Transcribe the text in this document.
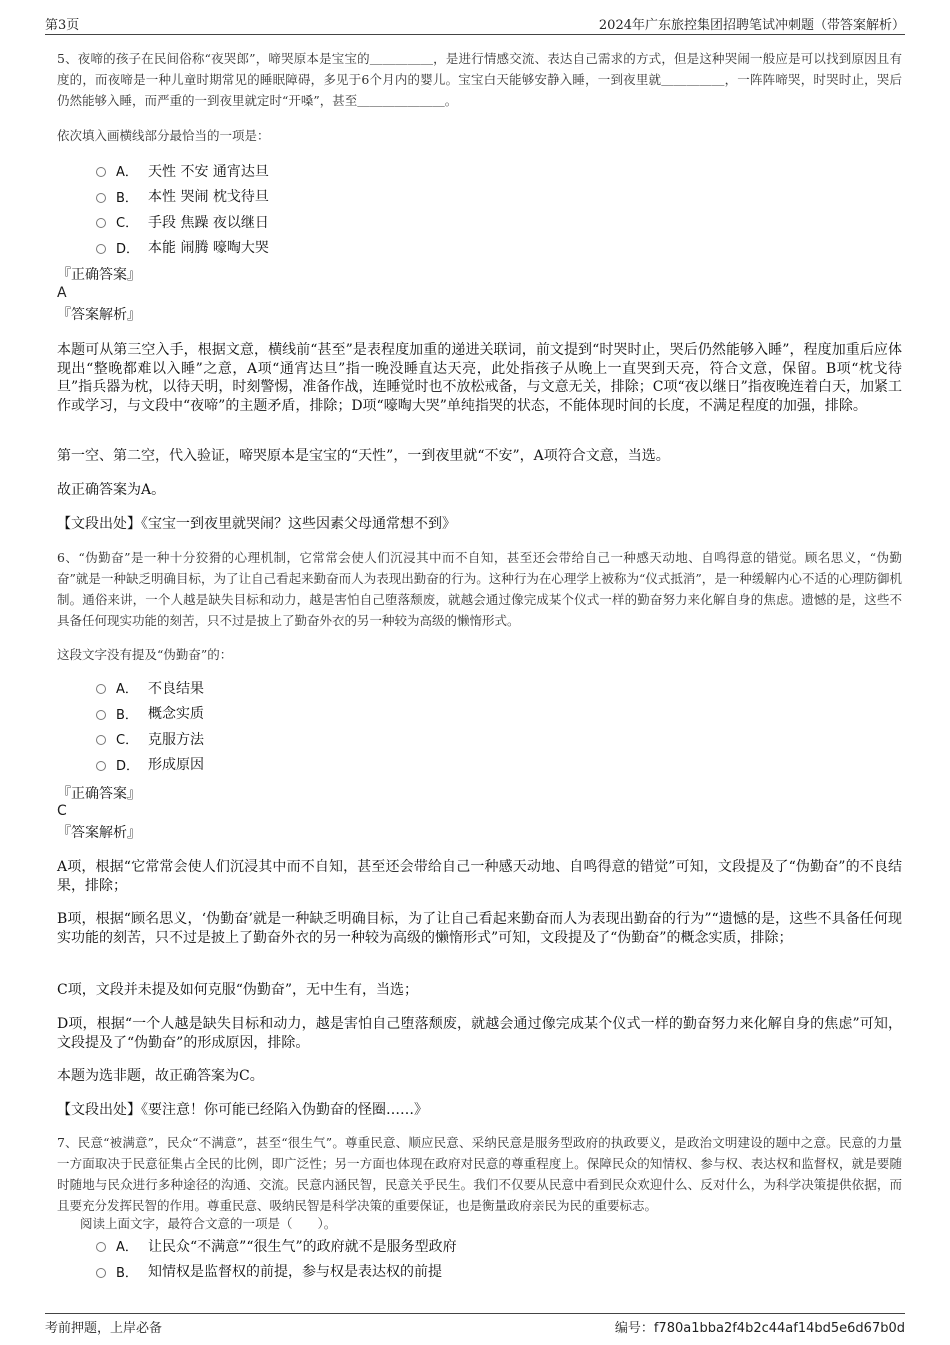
第3页	2024年广东旅控集团招聘笔试冲刺题（带答案解析）
5、夜啼的孩子在民间俗称“夜哭郎”，啼哭原本是宝宝的＿＿＿＿＿，是进行情感交流、表达自己需求的方式，但是这种哭闹一般应是可以找到原因且有度的，而夜啼是一种儿童时期常见的睡眠障碍，多见于6个月内的婴儿。宝宝白天能够安静入睡，一到夜里就＿＿＿＿＿，一阵阵啼哭，时哭时止，哭后仍然能够入睡，而严重的一到夜里就定时“开嗓”，甚至＿＿＿＿＿＿＿。
依次填入画横线部分最恰当的一项是：
A． 天性 不安 通宵达旦
B． 本性 哭闹 枕戈待旦
C． 手段 焦躁 夜以继日
D． 本能 闹腾 嚎啕大哭
『正确答案』
A
『答案解析』
本题可从第三空入手，根据文意，横线前“甚至”是表程度加重的递进关联词，前文提到“时哭时止，哭后仍然能够入睡”，程度加重后应体现出“整晚都难以入睡”之意，A项“通宵达旦”指一晚没睡直达天亮，此处指孩子从晚上一直哭到天亮，符合文意，保留。B项“枕戈待旦”指兵器为枕，以待天明，时刻警惕，准备作战，连睡觉时也不放松戒备，与文意无关，排除；C项“夜以继日”指夜晚连着白天，加紧工作或学习，与文段中“夜啼”的主题矛盾，排除；D项“嚎啕大哭”单纯指哭的状态，不能体现时间的长度，不满足程度的加强，排除。
第一空、第二空，代入验证，啼哭原本是宝宝的“天性”，一到夜里就“不安”，A项符合文意，当选。
故正确答案为A。
【文段出处】《宝宝一到夜里就哭闹？这些因素父母通常想不到》
6、“伪勤奋”是一种十分狡猾的心理机制，它常常会使人们沉浸其中而不自知，甚至还会带给自己一种感天动地、自鸣得意的错觉。顾名思义，“伪勤奋”就是一种缺乏明确目标，为了让自己看起来勤奋而人为表现出勤奋的行为。这种行为在心理学上被称为“仪式抵消”，是一种缓解内心不适的心理防御机制。通俗来讲，一个人越是缺失目标和动力，越是害怕自己堕落颓废，就越会通过像完成某个仪式一样的勤奋努力来化解自身的焦虑。遗憾的是，这些不具备任何现实功能的刻苦，只不过是披上了勤奋外衣的另一种较为高级的懒惰形式。
这段文字没有提及“伪勤奋”的：
A． 不良结果
B． 概念实质
C． 克服方法
D． 形成原因
『正确答案』
C
『答案解析』
A项，根据“它常常会使人们沉浸其中而不自知，甚至还会带给自己一种感天动地、自鸣得意的错觉”可知，文段提及了“伪勤奋”的不良结果，排除；
B项，根据“顾名思义，‘伪勤奋’就是一种缺乏明确目标，为了让自己看起来勤奋而人为表现出勤奋的行为”“遗憾的是，这些不具备任何现实功能的刻苦，只不过是披上了勤奋外衣的另一种较为高级的懒惰形式”可知，文段提及了“伪勤奋”的概念实质，排除；
C项，文段并未提及如何克服“伪勤奋”，无中生有，当选；
D项，根据“一个人越是缺失目标和动力，越是害怕自己堕落颓废，就越会通过像完成某个仪式一样的勤奋努力来化解自身的焦虑”可知，文段提及了“伪勤奋”的形成原因，排除。
本题为选非题，故正确答案为C。
【文段出处】《要注意！你可能已经陷入伪勤奋的怪圈……》
7、民意“被满意”，民众“不满意”，甚至“很生气”。尊重民意、顺应民意、采纳民意是服务型政府的执政要义，是政治文明建设的题中之意。民意的力量一方面取决于民意征集占全民的比例，即广泛性；另一方面也体现在政府对民意的尊重程度上。保障民众的知情权、参与权、表达权和监督权，就是要随时随地与民众进行多种途径的沟通、交流。民意内涵民智，民意关乎民生。我们不仅要从民意中看到民众欢迎什么、反对什么，为科学决策提供依据，而且要充分发挥民智的作用。尊重民意、吸纳民智是科学决策的重要保证，也是衡量政府亲民为民的重要标志。
阅读上面文字，最符合文意的一项是（　　）。
A． 让民众“不满意”“很生气”的政府就不是服务型政府
B． 知情权是监督权的前提，参与权是表达权的前提
考前押题，上岸必备	编号：f780a1bba2f4b2c44af14bd5e6d67b0d
